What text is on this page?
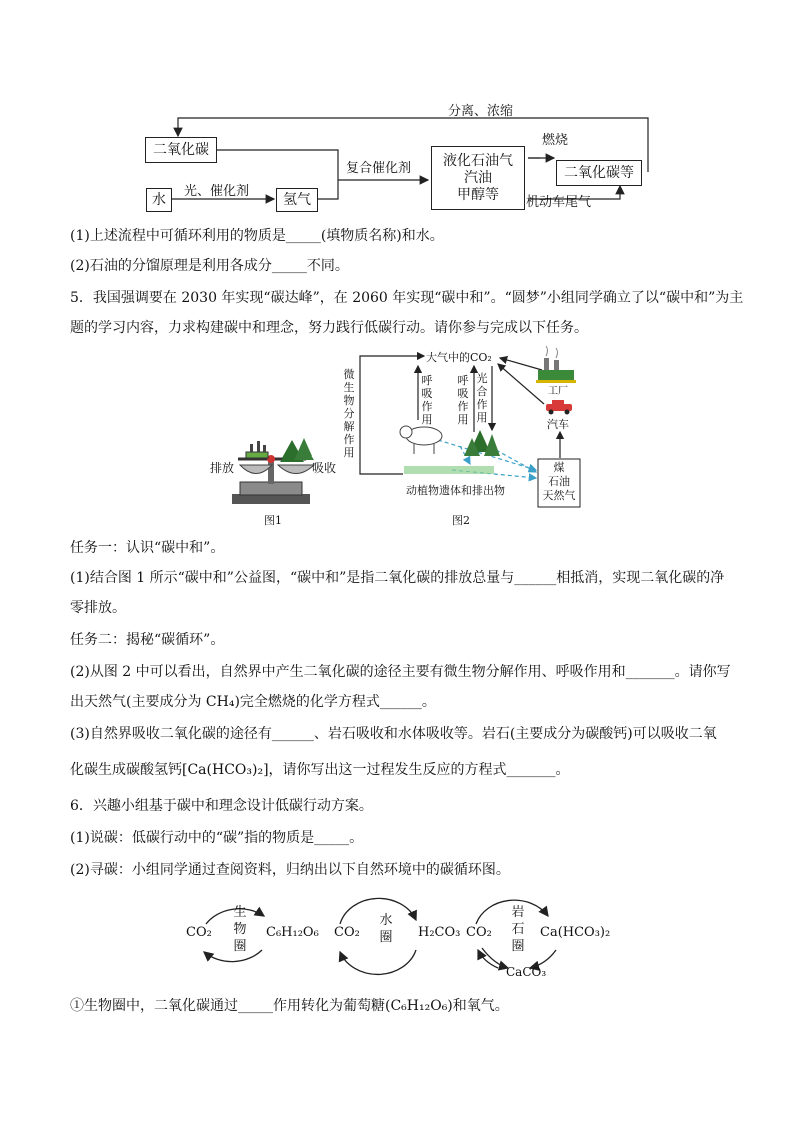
分离、浓缩
二氧化碳
水	光、催化剂	氢气
复合催化剂 液化石油气
汽油
甲醇等
燃烧
二氧化碳等
机动车尾气
(1)上述流程中可循环利用的物质是_____(填物质名称)和水。
(2)石油的分馏原理是利用各成分_____不同。
5．我国强调要在 2030 年实现“碳达峰”，在 2060 年实现“碳中和”。“圆梦”小组同学确立了以“碳中和”为主
题的学习内容，力求构建碳中和理念，努力践行低碳行动。请你参与完成以下任务。
排放	吸收
图1
大气中的CO₂
微生物分解作用
呼吸作用
呼吸作用
光合作用
工厂
汽车
动植物遗体和排出物
煤
石油
天然气
图2
任务一：认识“碳中和”。
(1)结合图 1 所示“碳中和”公益图，“碳中和”是指二氧化碳的排放总量与______相抵消，实现二氧化碳的净
零排放。
任务二：揭秘“碳循环”。
(2)从图 2 中可以看出，自然界中产生二氧化碳的途径主要有微生物分解作用、呼吸作用和_______。请你写
出天然气(主要成分为 CH₄)完全燃烧的化学方程式______。
(3)自然界吸收二氧化碳的途径有______、岩石吸收和水体吸收等。岩石(主要成分为碳酸钙)可以吸收二氧
化碳生成碳酸氢钙[Ca(HCO₃)₂]，请你写出这一过程发生反应的方程式_______。
6．兴趣小组基于碳中和理念设计低碳行动方案。
(1)说碳：低碳行动中的“碳”指的物质是_____。
(2)寻碳：小组同学通过查阅资料，归纳出以下自然环境中的碳循环图。
CO₂
生
物
圈
C₆H₁₂O₆ CO₂
水
圈 H₂CO₃ CO₂
岩
石
圈
Ca(HCO₃)₂
CaCO₃
①生物圈中，二氧化碳通过_____作用转化为葡萄糖(C₆H₁₂O₆)和氧气。
